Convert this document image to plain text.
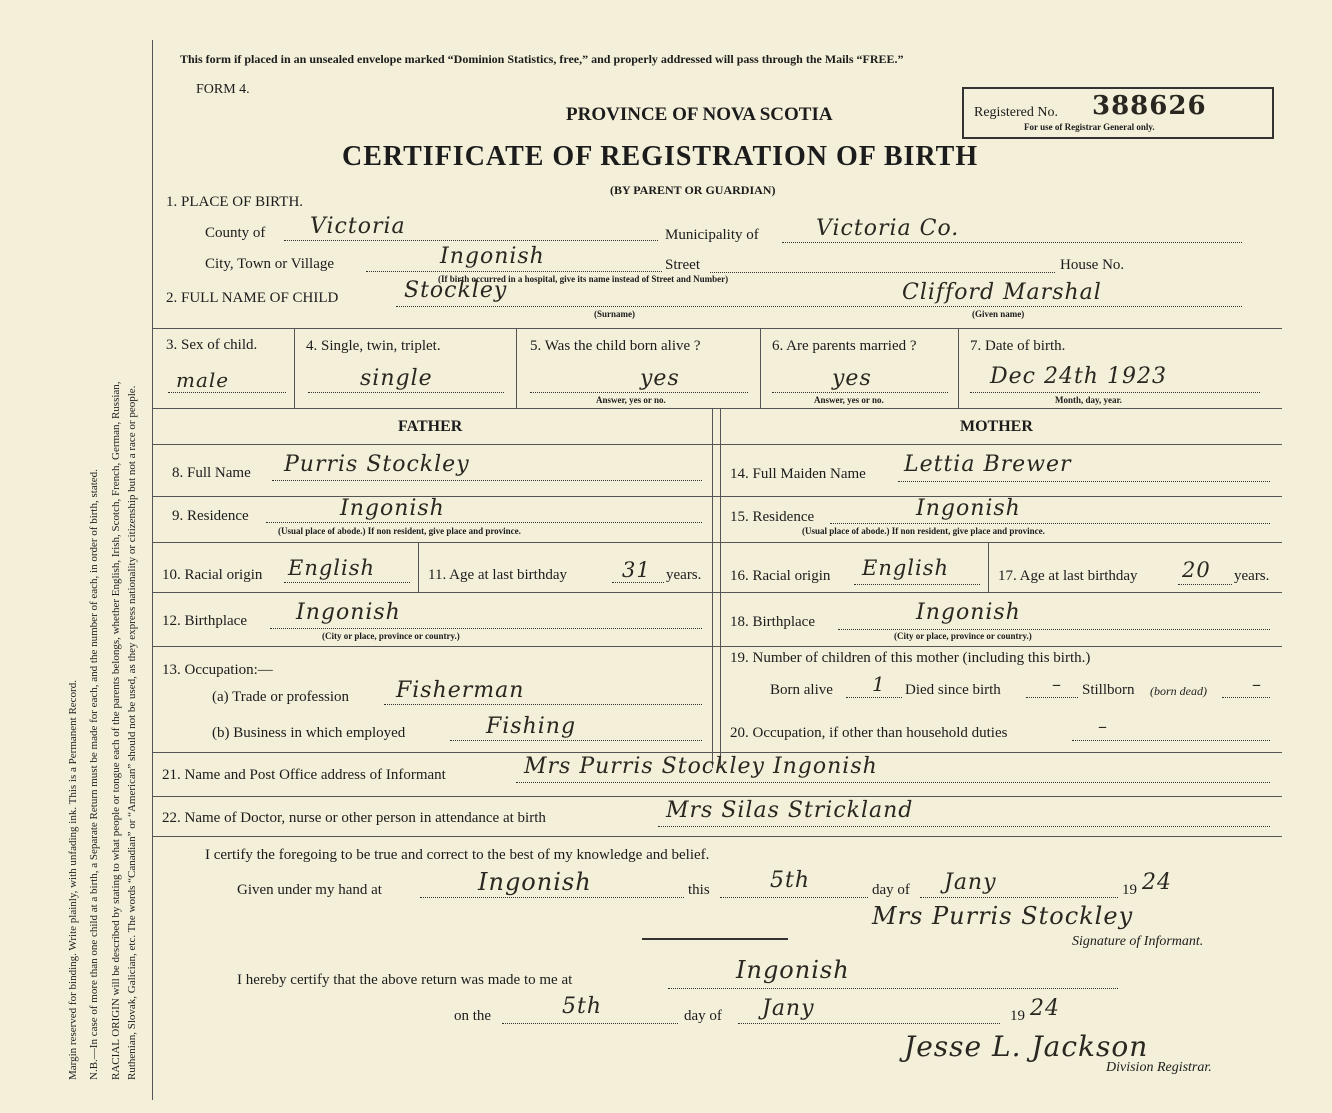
Margin reserved for binding. Write plainly, with unfading ink. This is a Permanent Record. N.B.—In case of more than one child at a birth, a Separate Return must be made for each, and the number of each, in order of birth, stated. RACIAL ORIGIN will be described by stating to what people or tongue each of the parents belongs, whether English, Irish, Scotch, French, German, Russian, Ruthenian, Slovak, Galician, etc. The words “Canadian” or “American” should not be used, as they express nationality or citizenship but not a race or people.
This form if placed in an unsealed envelope marked “Dominion Statistics, free,” and properly addressed will pass through the Mails “FREE.”
FORM 4.
PROVINCE OF NOVA SCOTIA
CERTIFICATE OF REGISTRATION OF BIRTH
(BY PARENT OR GUARDIAN)
Registered No. 388626
For use of Registrar General only.
1. PLACE OF BIRTH.
County of Victoria	Municipality of	Victoria Co.
City, Town or Village	Ingonish	Street	House No.
(If birth occurred in a hospital, give its name instead of Street and Number)
2. FULL NAME OF CHILD	Stockley	Clifford Marshal
(Surname)	(Given name)
3. Sex of child.
male
4. Single, twin, triplet.
single
5. Was the child born alive ?
yes
Answer, yes or no.
6. Are parents married ?
yes
Answer, yes or no.
7. Date of birth.
Dec 24th 1923
Month, day, year.
FATHER	MOTHER
8. Full Name Purris Stockley
9. Residence	Ingonish
(Usual place of abode.) If non resident, give place and province.
10. Racial origin English	11. Age at last birthday	31 years.
12. Birthplace Ingonish
(City or place, province or country.)
13. Occupation:—
(a) Trade or profession Fisherman
(b) Business in which employed	Fishing
14. Full Maiden Name Lettia Brewer
15. Residence	Ingonish
(Usual place of abode.) If non resident, give place and province.
16. Racial origin English	17. Age at last birthday 20 years.
18. Birthplace	Ingonish
(City or place, province or country.)
19. Number of children of this mother (including this birth.)
Born alive 1 Died since birth	– Stillborn (born dead)	–
20. Occupation, if other than household duties	–
21. Name and Post Office address of Informant	Mrs Purris Stockley Ingonish
22. Name of Doctor, nurse or other person in attendance at birth	Mrs Silas Strickland
I certify the foregoing to be true and correct to the best of my knowledge and belief.
Given under my hand at	Ingonish	this	5th	day of Jany	19 24
Mrs Purris Stockley
Signature of Informant.
I hereby certify that the above return was made to me at	Ingonish
on the	5th	day of Jany	19 24
Jesse L. Jackson
Division Registrar.
